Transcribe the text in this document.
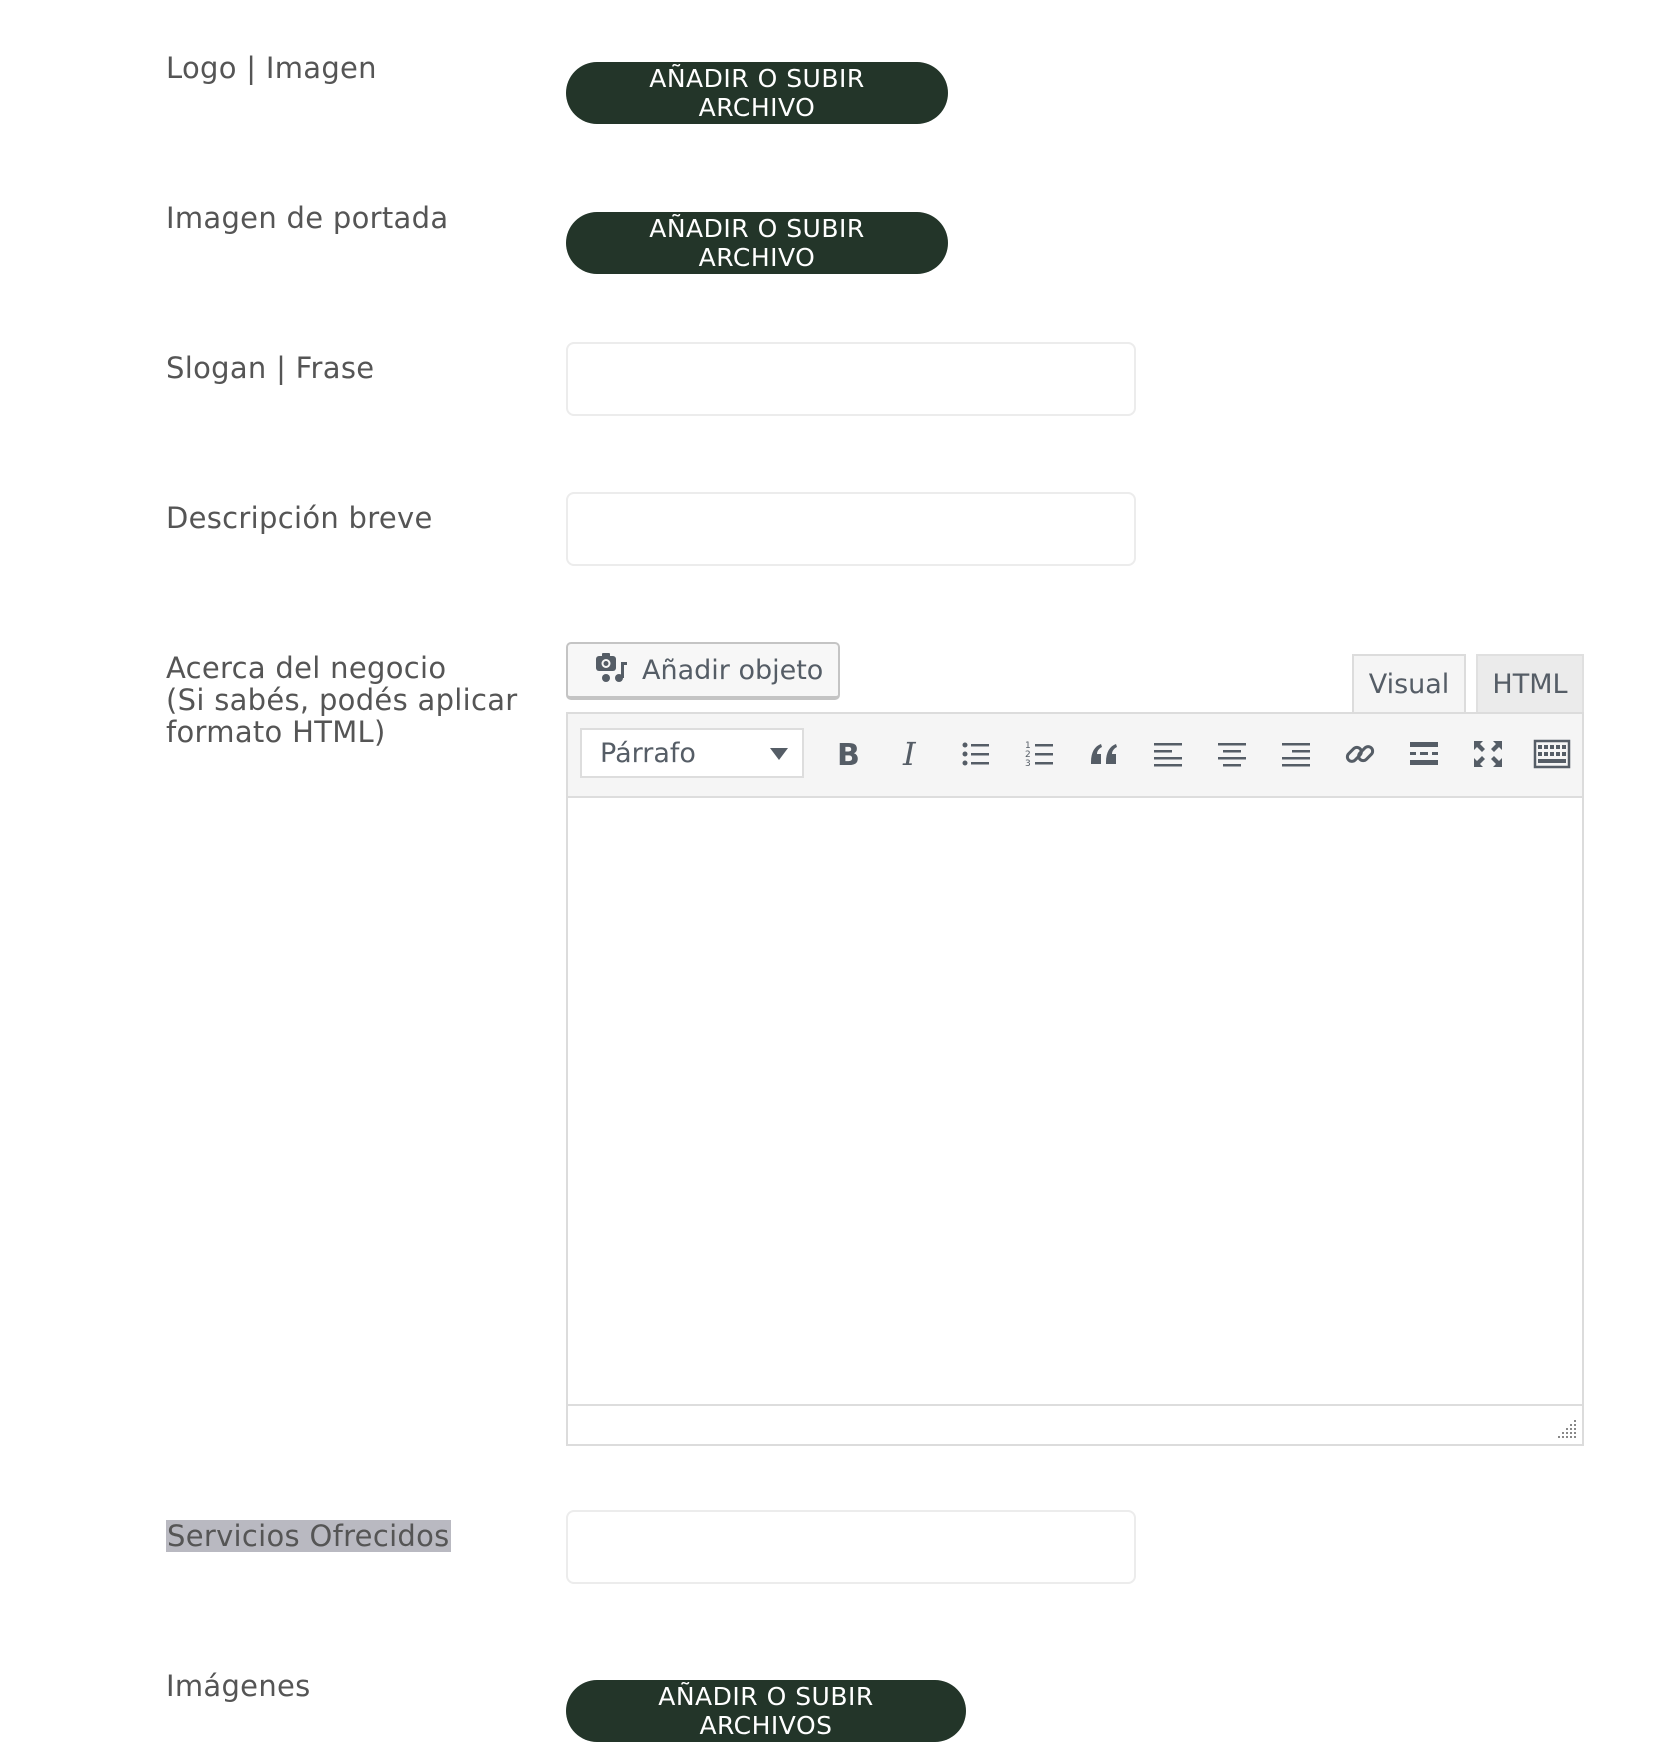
Logo | Imagen	AÑADIR O SUBIR ARCHIVO
Imagen de portada	AÑADIR O SUBIR ARCHIVO
Slogan | Frase
Descripción breve
Acerca del negocio
(Si sabés, podés aplicar
formato HTML)
Añadir objeto	Visual	HTML
Párrafo	B I	1
2
3
Servicios Ofrecidos
Imágenes	AÑADIR O SUBIR ARCHIVOS
